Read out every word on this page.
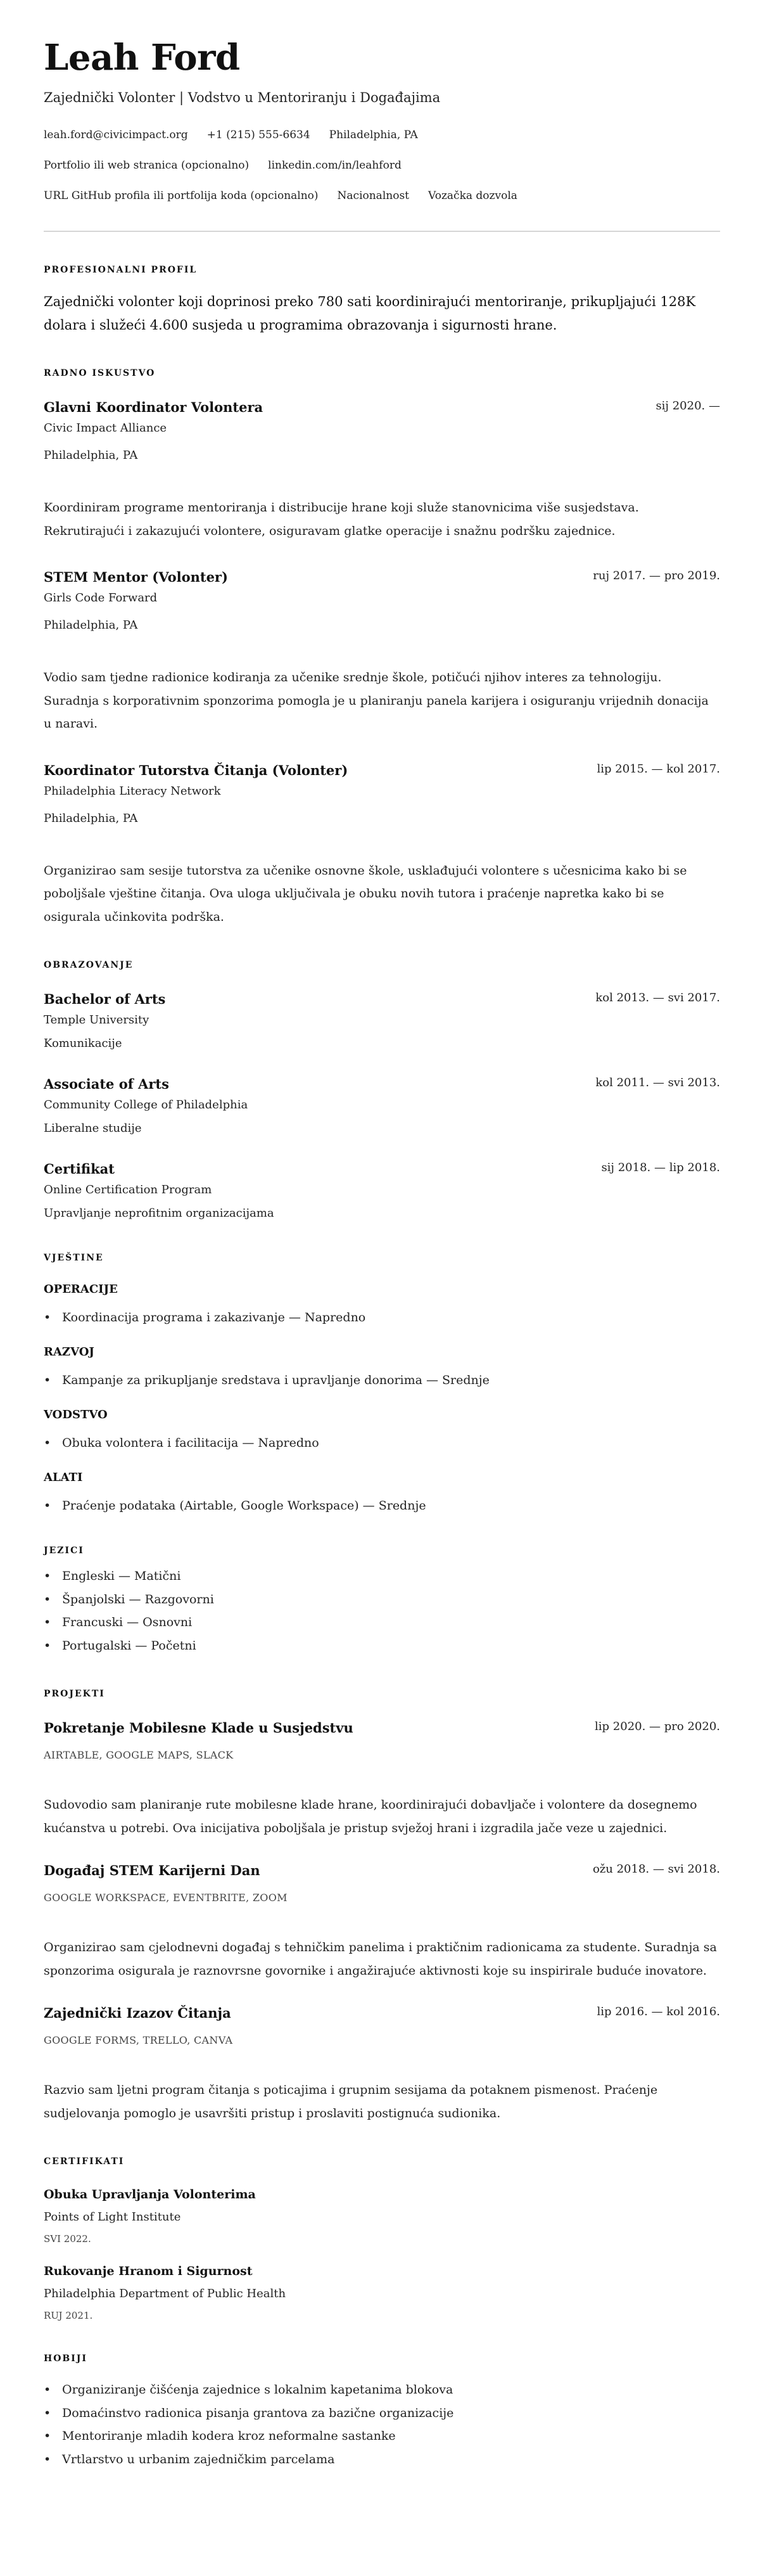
Leah Ford
Zajednički Volonter | Vodstvo u Mentoriranju i Događajima
leah.ford@civicimpact.org +1 (215) 555-6634 Philadelphia, PA
Portfolio ili web stranica (opcionalno) linkedin.com/in/leahford
URL GitHub profila ili portfolija koda (opcionalno) Nacionalnost Vozačka dozvola
PROFESIONALNI PROFIL
Zajednički volonter koji doprinosi preko 780 sati koordinirajući mentoriranje, prikupljajući 128K dolara i služeći 4.600 susjeda u programima obrazovanja i sigurnosti hrane.
RADNO ISKUSTVO
Glavni Koordinator Volontera	sij 2020. —
Civic Impact Alliance
Philadelphia, PA
Koordiniram programe mentoriranja i distribucije hrane koji služe stanovnicima više susjedstava. Rekrutirajući i zakazujući volontere, osiguravam glatke operacije i snažnu podršku zajednice.
STEM Mentor (Volonter)	ruj 2017. — pro 2019.
Girls Code Forward
Philadelphia, PA
Vodio sam tjedne radionice kodiranja za učenike srednje škole, potičući njihov interes za tehnologiju. Suradnja s korporativnim sponzorima pomogla je u planiranju panela karijera i osiguranju vrijednih donacija u naravi.
Koordinator Tutorstva Čitanja (Volonter)	lip 2015. — kol 2017.
Philadelphia Literacy Network
Philadelphia, PA
Organizirao sam sesije tutorstva za učenike osnovne škole, usklađujući volontere s učesnicima kako bi se poboljšale vještine čitanja. Ova uloga uključivala je obuku novih tutora i praćenje napretka kako bi se osigurala učinkovita podrška.
OBRAZOVANJE
Bachelor of Arts	kol 2013. — svi 2017.
Temple University
Komunikacije
Associate of Arts	kol 2011. — svi 2013.
Community College of Philadelphia
Liberalne studije
Certifikat	sij 2018. — lip 2018.
Online Certification Program
Upravljanje neprofitnim organizacijama
VJEŠTINE
OPERACIJE
• Koordinacija programa i zakazivanje — Napredno
RAZVOJ
• Kampanje za prikupljanje sredstava i upravljanje donorima — Srednje
VODSTVO
• Obuka volontera i facilitacija — Napredno
ALATI
• Praćenje podataka (Airtable, Google Workspace) — Srednje
JEZICI
• Engleski — Matični
• Španjolski — Razgovorni
• Francuski — Osnovni
• Portugalski — Početni
PROJEKTI
Pokretanje Mobilesne Klade u Susjedstvu	lip 2020. — pro 2020.
AIRTABLE, GOOGLE MAPS, SLACK
Sudovodio sam planiranje rute mobilesne klade hrane, koordinirajući dobavljače i volontere da dosegnemo kućanstva u potrebi. Ova inicijativa poboljšala je pristup svježoj hrani i izgradila jače veze u zajednici.
Događaj STEM Karijerni Dan	ožu 2018. — svi 2018.
GOOGLE WORKSPACE, EVENTBRITE, ZOOM
Organizirao sam cjelodnevni događaj s tehničkim panelima i praktičnim radionicama za studente. Suradnja sa sponzorima osigurala je raznovrsne govornike i angažirajuće aktivnosti koje su inspirirale buduće inovatore.
Zajednički Izazov Čitanja	lip 2016. — kol 2016.
GOOGLE FORMS, TRELLO, CANVA
Razvio sam ljetni program čitanja s poticajima i grupnim sesijama da potaknem pismenost. Praćenje sudjelovanja pomoglo je usavršiti pristup i proslaviti postignuća sudionika.
CERTIFIKATI
Obuka Upravljanja Volonterima
Points of Light Institute
SVI 2022.
Rukovanje Hranom i Sigurnost
Philadelphia Department of Public Health
RUJ 2021.
HOBIJI
• Organiziranje čišćenja zajednice s lokalnim kapetanima blokova
• Domaćinstvo radionica pisanja grantova za bazične organizacije
• Mentoriranje mladih kodera kroz neformalne sastanke
• Vrtlarstvo u urbanim zajedničkim parcelama
